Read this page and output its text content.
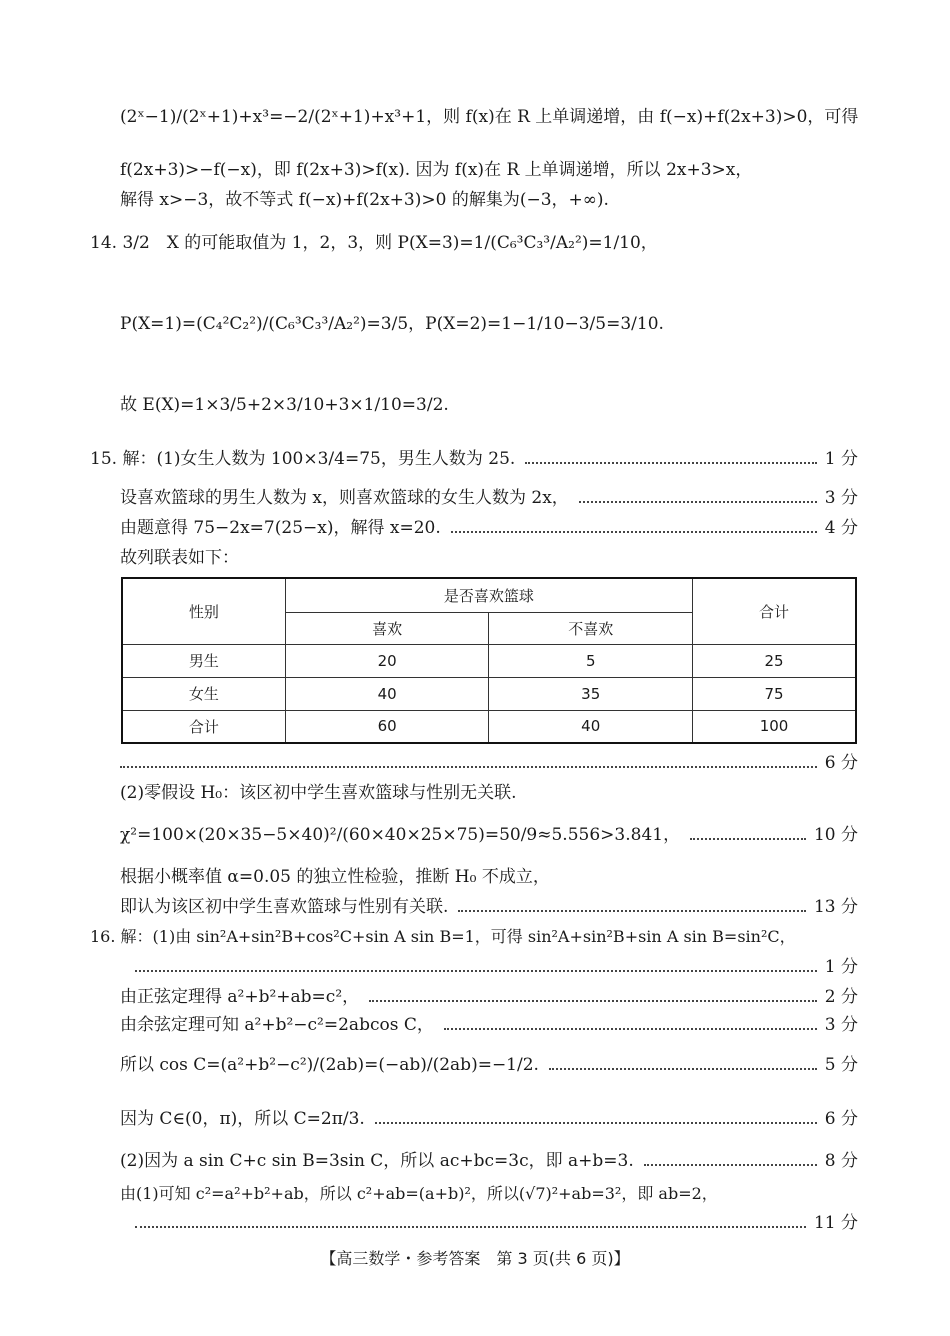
(2ˣ−1)/(2ˣ+1)+x³=−2/(2ˣ+1)+x³+1，则 f(x)在 R 上单调递增，由 f(−x)+f(2x+3)>0，可得
f(2x+3)>−f(−x)，即 f(2x+3)>f(x). 因为 f(x)在 R 上单调递增，所以 2x+3>x，
解得 x>−3，故不等式 f(−x)+f(2x+3)>0 的解集为(−3，+∞).
14. 3/2　X 的可能取值为 1，2，3，则 P(X=3)=1/(C₆³C₃³/A₂²)=1/10，
P(X=1)=(C₄²C₂²)/(C₆³C₃³/A₂²)=3/5，P(X=2)=1−1/10−3/5=3/10.
故 E(X)=1×3/5+2×3/10+3×1/10=3/2.
15. 解：(1)女生人数为 100×3/4=75，男生人数为 25.	1 分
设喜欢篮球的男生人数为 x，则喜欢篮球的女生人数为 2x，	3 分
由题意得 75−2x=7(25−x)，解得 x=20.	4 分
故列联表如下：
性别	是否喜欢篮球		合计
	喜欢	不喜欢	
男生	20	5	25
女生	40	35	75
合计	60	40	100
6 分
(2)零假设 H₀：该区初中学生喜欢篮球与性别无关联.
χ²=100×(20×35−5×40)²/(60×40×25×75)=50/9≈5.556>3.841，	10 分
根据小概率值 α=0.05 的独立性检验，推断 H₀ 不成立，
即认为该区初中学生喜欢篮球与性别有关联.	13 分
16. 解：(1)由 sin²A+sin²B+cos²C+sin A sin B=1，可得 sin²A+sin²B+sin A sin B=sin²C，
1 分
由正弦定理得 a²+b²+ab=c²，	2 分
由余弦定理可知 a²+b²−c²=2abcos C，	3 分
所以 cos C=(a²+b²−c²)/(2ab)=(−ab)/(2ab)=−1/2.	5 分
因为 C∈(0，π)，所以 C=2π/3.	6 分
(2)因为 a sin C+c sin B=3sin C，所以 ac+bc=3c，即 a+b=3.	8 分
由(1)可知 c²=a²+b²+ab，所以 c²+ab=(a+b)²，所以(√7)²+ab=3²，即 ab=2，
11 分
【高三数学・参考答案　第 3 页(共 6 页)】
